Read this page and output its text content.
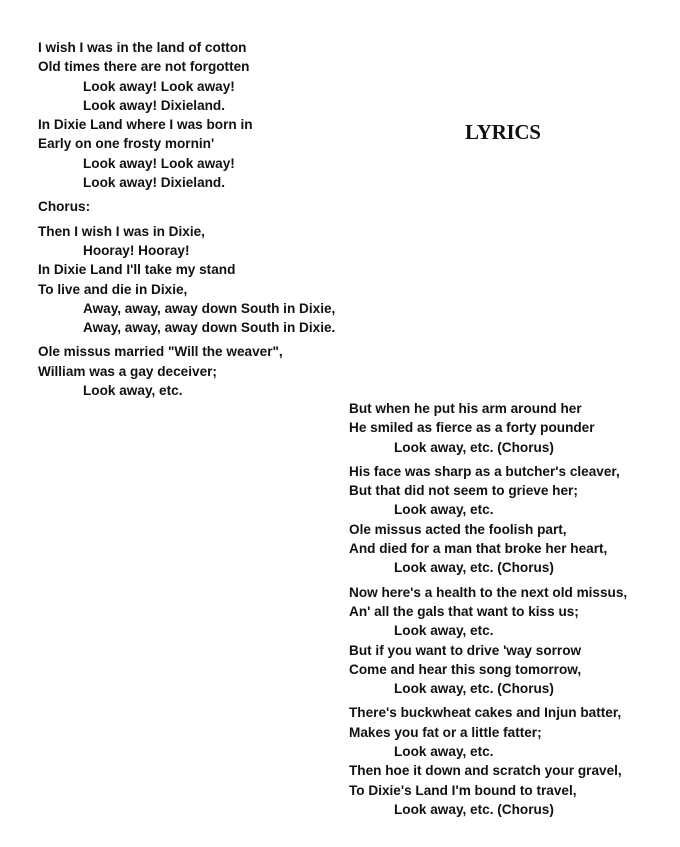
I wish I was in the land of cotton
Old times there are not forgotten
Look away! Look away!
Look away! Dixieland.
In Dixie Land where I was born in
Early on one frosty mornin'
Look away! Look away!
Look away! Dixieland.
Chorus:
Then I wish I was in Dixie,
Hooray! Hooray!
In Dixie Land I'll take my stand
To live and die in Dixie,
Away, away, away down South in Dixie,
Away, away, away down South in Dixie.
Ole missus married "Will the weaver",
William was a gay deceiver;
Look away, etc.
LYRICS
But when he put his arm around her
He smiled as fierce as a forty pounder
Look away, etc. (Chorus)
His face was sharp as a butcher's cleaver,
But that did not seem to grieve her;
Look away, etc.
Ole missus acted the foolish part,
And died for a man that broke her heart,
Look away, etc. (Chorus)
Now here's a health to the next old missus,
An' all the gals that want to kiss us;
Look away, etc.
But if you want to drive 'way sorrow
Come and hear this song tomorrow,
Look away, etc. (Chorus)
There's buckwheat cakes and Injun batter,
Makes you fat or a little fatter;
Look away, etc.
Then hoe it down and scratch your gravel,
To Dixie's Land I'm bound to travel,
Look away, etc. (Chorus)
